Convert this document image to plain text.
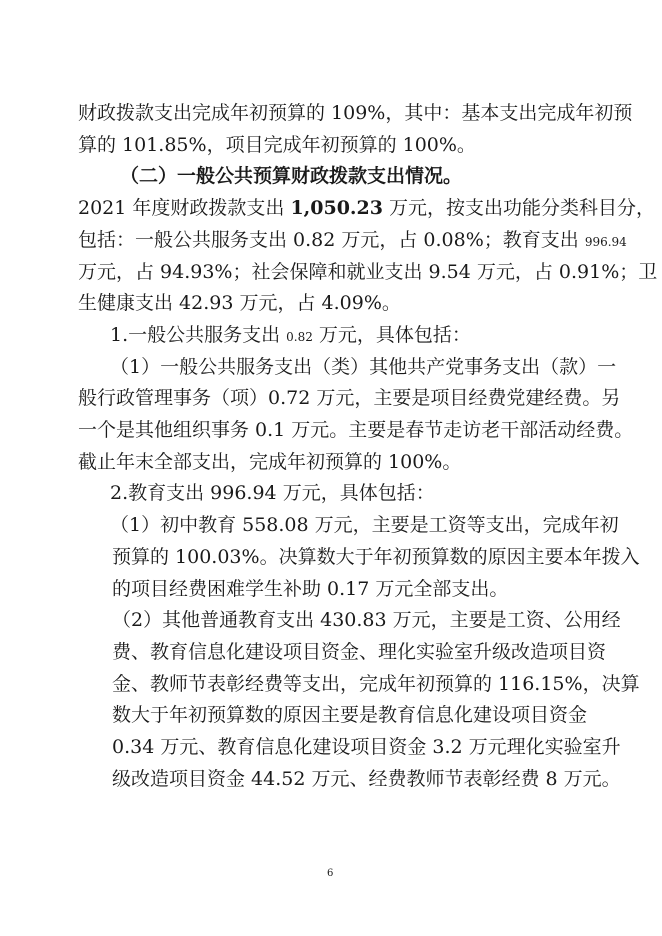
财政拨款支出完成年初预算的 109%，其中：基本支出完成年初预
算的 101.85%，项目完成年初预算的 100%。
（二）一般公共预算财政拨款支出情况。
2021 年度财政拨款支出 1,050.23 万元，按支出功能分类科目分，
包括：一般公共服务支出 0.82 万元，占 0.08%；教育支出 996.94
万元，占 94.93%；社会保障和就业支出 9.54 万元，占 0.91%；卫
生健康支出 42.93 万元，占 4.09%。
1.一般公共服务支出 0.82 万元，具体包括：
（1）一般公共服务支出（类）其他共产党事务支出（款）一
般行政管理事务（项）0.72 万元，主要是项目经费党建经费。另
一个是其他组织事务 0.1 万元。主要是春节走访老干部活动经费。
截止年末全部支出，完成年初预算的 100%。
2.教育支出 996.94 万元，具体包括：
（1）初中教育 558.08 万元，主要是工资等支出，完成年初
预算的 100.03%。决算数大于年初预算数的原因主要本年拨入
的项目经费困难学生补助 0.17 万元全部支出。
（2）其他普通教育支出 430.83 万元，主要是工资、公用经
费、教育信息化建设项目资金、理化实验室升级改造项目资
金、教师节表彰经费等支出，完成年初预算的 116.15%，决算
数大于年初预算数的原因主要是教育信息化建设项目资金
0.34 万元、教育信息化建设项目资金 3.2 万元理化实验室升
级改造项目资金 44.52 万元、经费教师节表彰经费 8 万元。
6
